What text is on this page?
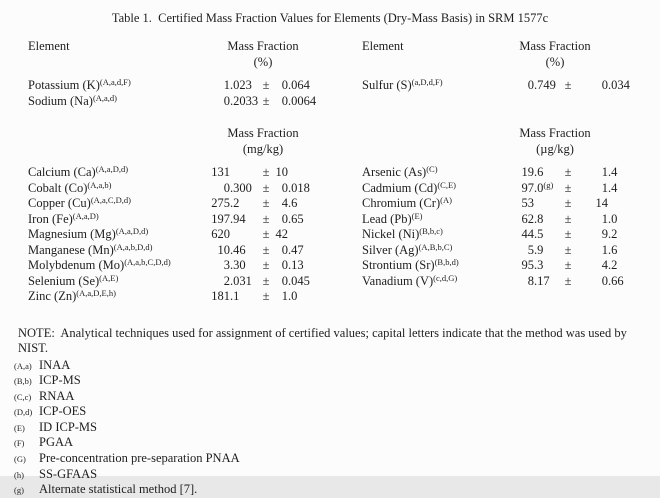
Table 1.  Certified Mass Fraction Values for Elements (Dry-Mass Basis) in SRM 1577c
Element	Mass Fraction
(%)
Potassium $(K)^{(A,a,d,F)}$	1 .023 ± 0 .064
Sodium $(Na)^{(A,a,d)}$	0 .2033 ± 0 .0064
Element	Mass Fraction
(%)
Sulfur $(S)^{(a,D,d,F)}$	0 .749 ±	0 .034
Mass Fraction
(mg/kg)
Calcium $(Ca)^{(A,a,D,d)}$	131	± 10
Cobalt $(Co)^{(A,a,b)}$	0 .300 ± 0 .018
Copper $(Cu)^{(A,a,C,D,d)}$	275 .2	± 4 .6
Iron $(Fe)^{(A,a,D)}$	197 .94	± 0 .65
Magnesium $(Mg)^{(A,a,D,d)}$	620	± 42
Manganese $(Mn)^{(A,a,b,D,d)}$	10 .46	± 0 .47
Molybdenum $(Mo)^{(A,a,b,C,D,d)}$	3 .30	± 0 .13
Selenium $(Se)^{(A,E)}$	2 .031 ± 0 .045
Zinc $(Zn)^{(A,a,D,E,h)}$	181 .1	± 1 .0
Mass Fraction
(µg/kg)
Arsenic $(As)^{(C)}$	19 .6	±	1 .4
Cadmium $(Cd)^{(C,E)}$	97 $.0^{(g)}$ ±	1 .4
Chromium $(Cr)^{(A)}$	53	±	14
Lead $(Pb)^{(E)}$	62 .8	±	1 .0
Nickel $(Ni)^{(B,b,c)}$	44 .5	±	9 .2
Silver $(Ag)^{(A,B,b,C)}$	5 .9	±	1 .6
Strontium $(Sr)^{(B,b,d)}$	95 .3	±	4 .2
Vanadium $(V)^{(c,d,G)}$	8 .17	±	0 .66
NOTE:  Analytical techniques used for assignment of certified values; capital letters indicate that the method was used by NIST.
(A,a) INAA
(B,b) ICP-MS
(C,c) RNAA
(D,d) ICP-OES
(E)	ID ICP-MS
(F)	PGAA
(G)	Pre-concentration pre-separation PNAA
(h)	SS-GFAAS
(g)	Alternate statistical method [7].
